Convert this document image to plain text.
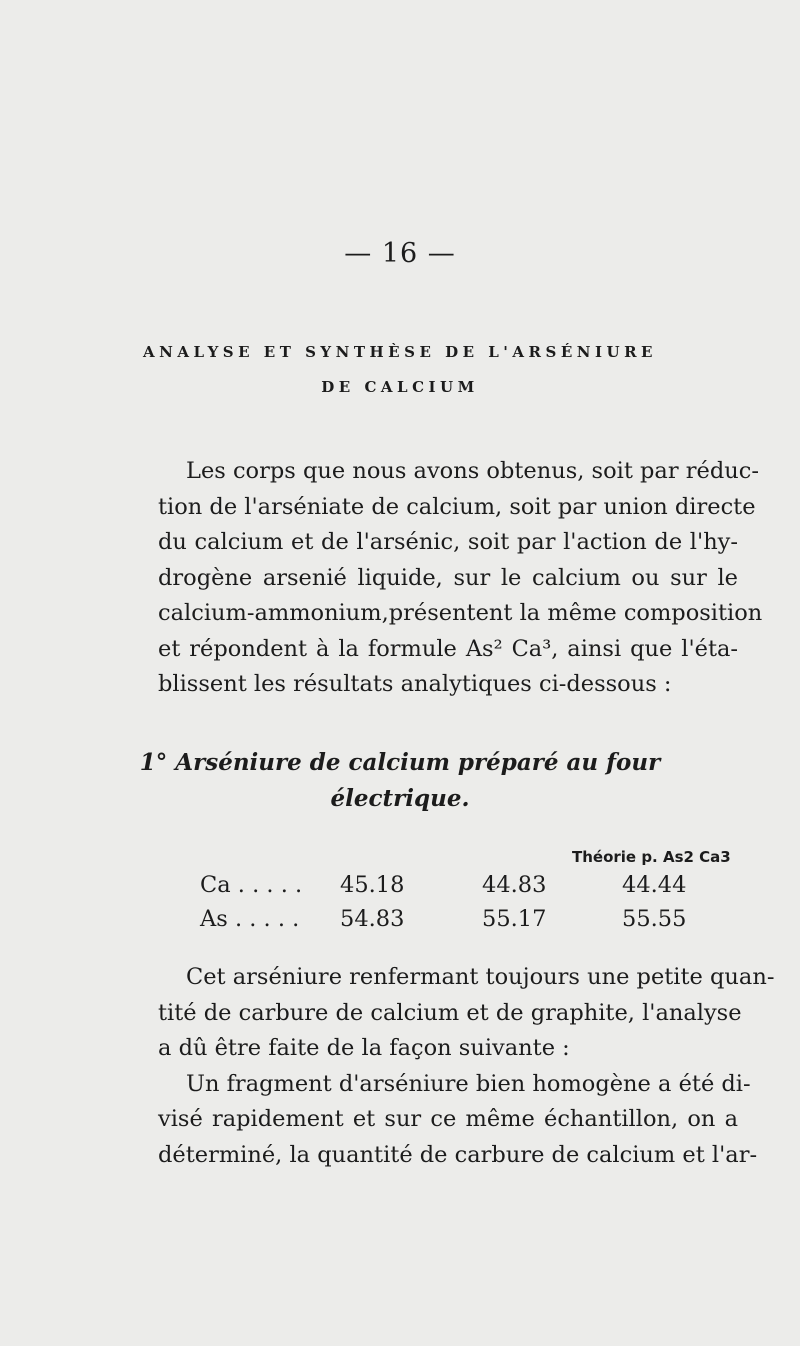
— 16 —
ANALYSE ET SYNTHÈSE DE L'ARSÉNIURE
DE CALCIUM
Les corps que nous avons obtenus, soit par réduc-
tion de l'arséniate de calcium, soit par union directe
du calcium et de l'arsénic, soit par l'action de l'hy-
drogène arsenié liquide, sur le calcium ou sur le
calcium-ammonium,présentent la même composition
et répondent à la formule As² Ca³, ainsi que l'éta-
blissent les résultats analytiques ci-dessous :
1° Arséniure de calcium préparé au four
électrique.
Théorie p. As2 Ca3
Ca . . . . . 45.18	44.83	44.44
As . . . . . 54.83	55.17	55.55
Cet arséniure renfermant toujours une petite quan-
tité de carbure de calcium et de graphite, l'analyse
a dû être faite de la façon suivante :
Un fragment d'arséniure bien homogène a été di-
visé rapidement et sur ce même échantillon, on a
déterminé, la quantité de carbure de calcium et l'ar-
